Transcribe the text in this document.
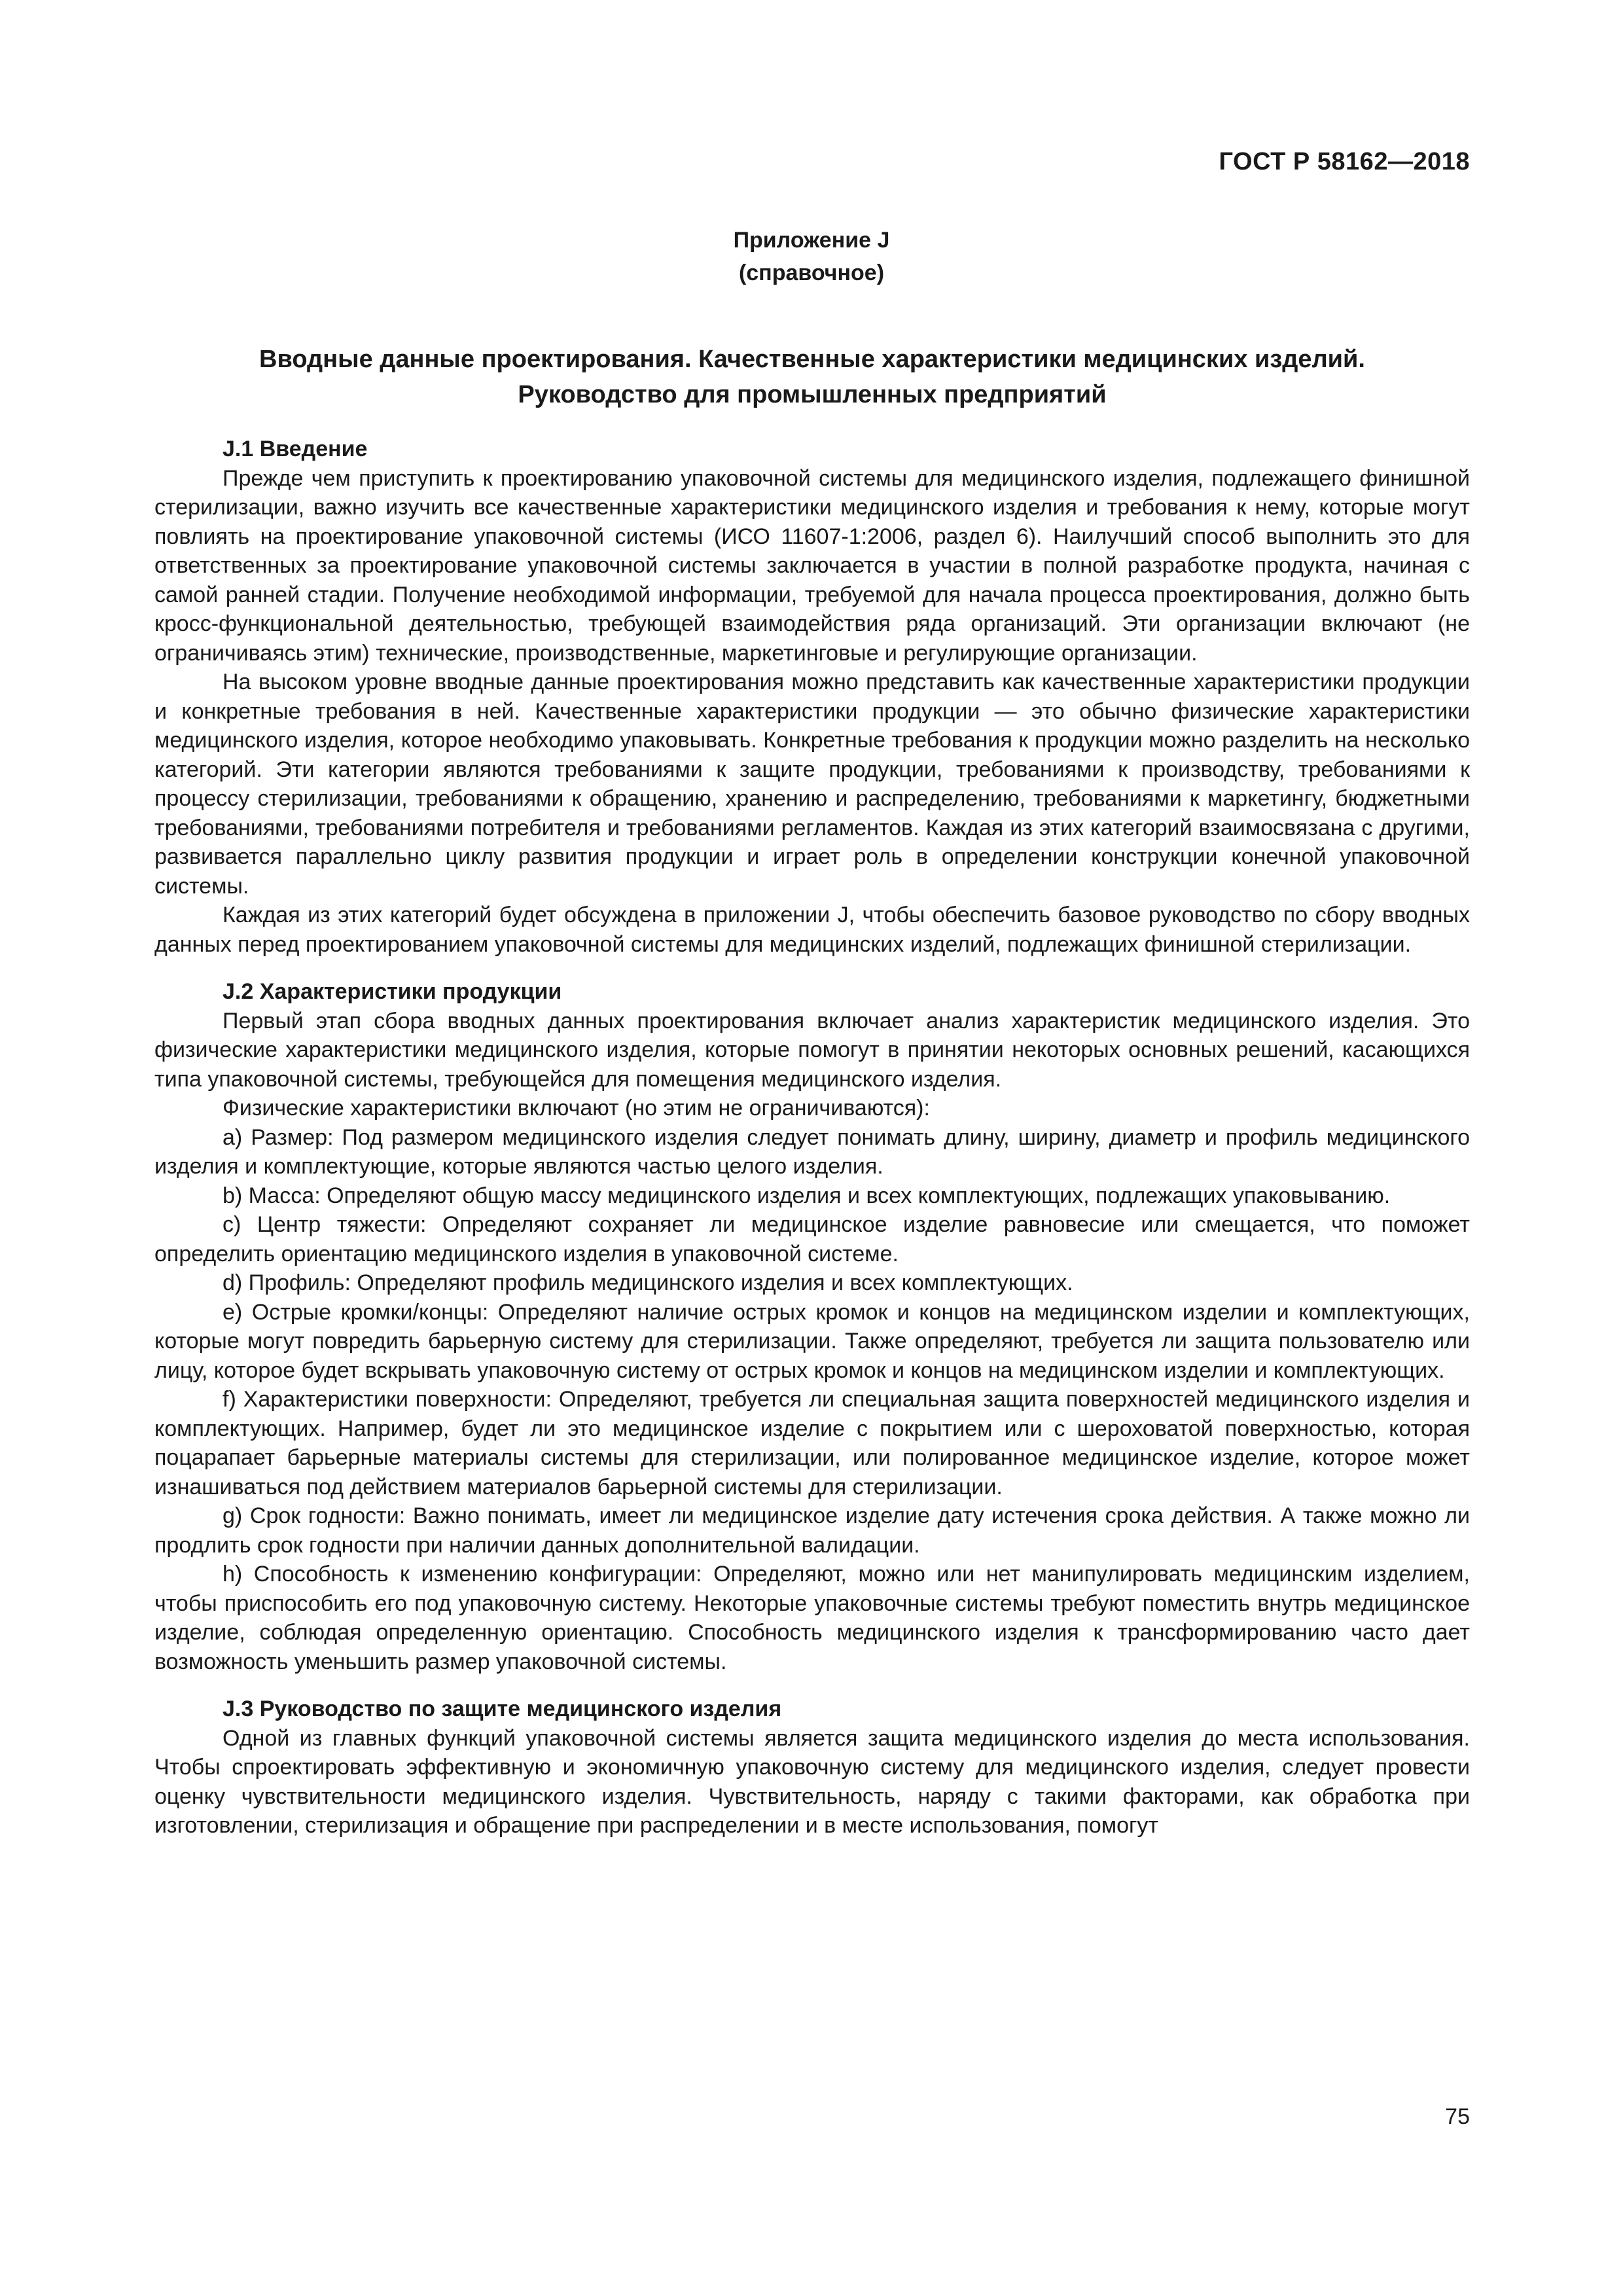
ГОСТ Р 58162—2018
Приложение J
(справочное)
Вводные данные проектирования. Качественные характеристики медицинских изделий.
Руководство для промышленных предприятий
J.1 Введение

Прежде чем приступить к проектированию упаковочной системы для медицинского изделия, подлежащего финишной стерилизации, важно изучить все качественные характеристики медицинского изделия и требования к нему, которые могут повлиять на проектирование упаковочной системы (ИСО 11607-1:2006, раздел 6). Наилучший способ выполнить это для ответственных за проектирование упаковочной системы заключается в участии в полной разработке продукта, начиная с самой ранней стадии. Получение необходимой информации, требуемой для начала процесса проектирования, должно быть кросс-функциональной деятельностью, требующей взаимодействия ряда организаций. Эти организации включают (не ограничиваясь этим) технические, производственные, маркетинговые и регулирующие организации.

На высоком уровне вводные данные проектирования можно представить как качественные характеристики продукции и конкретные требования в ней. Качественные характеристики продукции — это обычно физические характеристики медицинского изделия, которое необходимо упаковывать. Конкретные требования к продукции можно разделить на несколько категорий. Эти категории являются требованиями к защите продукции, требованиями к производству, требованиями к процессу стерилизации, требованиями к обращению, хранению и распределению, требованиями к маркетингу, бюджетными требованиями, требованиями потребителя и требованиями регламентов. Каждая из этих категорий взаимосвязана с другими, развивается параллельно циклу развития продукции и играет роль в определении конструкции конечной упаковочной системы.

Каждая из этих категорий будет обсуждена в приложении J, чтобы обеспечить базовое руководство по сбору вводных данных перед проектированием упаковочной системы для медицинских изделий, подлежащих финишной стерилизации.

J.2 Характеристики продукции

Первый этап сбора вводных данных проектирования включает анализ характеристик медицинского изделия. Это физические характеристики медицинского изделия, которые помогут в принятии некоторых основных решений, касающихся типа упаковочной системы, требующейся для помещения медицинского изделия.

Физические характеристики включают (но этим не ограничиваются):

a) Размер: Под размером медицинского изделия следует понимать длину, ширину, диаметр и профиль медицинского изделия и комплектующие, которые являются частью целого изделия.

b) Масса: Определяют общую массу медицинского изделия и всех комплектующих, подлежащих упаковыванию.

c) Центр тяжести: Определяют сохраняет ли медицинское изделие равновесие или смещается, что поможет определить ориентацию медицинского изделия в упаковочной системе.

d) Профиль: Определяют профиль медицинского изделия и всех комплектующих.

e) Острые кромки/концы: Определяют наличие острых кромок и концов на медицинском изделии и комплектующих, которые могут повредить барьерную систему для стерилизации. Также определяют, требуется ли защита пользователю или лицу, которое будет вскрывать упаковочную систему от острых кромок и концов на медицинском изделии и комплектующих.

f) Характеристики поверхности: Определяют, требуется ли специальная защита поверхностей медицинского изделия и комплектующих. Например, будет ли это медицинское изделие с покрытием или с шероховатой поверхностью, которая поцарапает барьерные материалы системы для стерилизации, или полированное медицинское изделие, которое может изнашиваться под действием материалов барьерной системы для стерилизации.

g) Срок годности: Важно понимать, имеет ли медицинское изделие дату истечения срока действия. А также можно ли продлить срок годности при наличии данных дополнительной валидации.

h) Способность к изменению конфигурации: Определяют, можно или нет манипулировать медицинским изделием, чтобы приспособить его под упаковочную систему. Некоторые упаковочные системы требуют поместить внутрь медицинское изделие, соблюдая определенную ориентацию. Способность медицинского изделия к трансформированию часто дает возможность уменьшить размер упаковочной системы.

J.3 Руководство по защите медицинского изделия

Одной из главных функций упаковочной системы является защита медицинского изделия до места использования. Чтобы спроектировать эффективную и экономичную упаковочную систему для медицинского изделия, следует провести оценку чувствительности медицинского изделия. Чувствительность, наряду с такими факторами, как обработка при изготовлении, стерилизация и обращение при распределении и в месте использования, помогут

75
